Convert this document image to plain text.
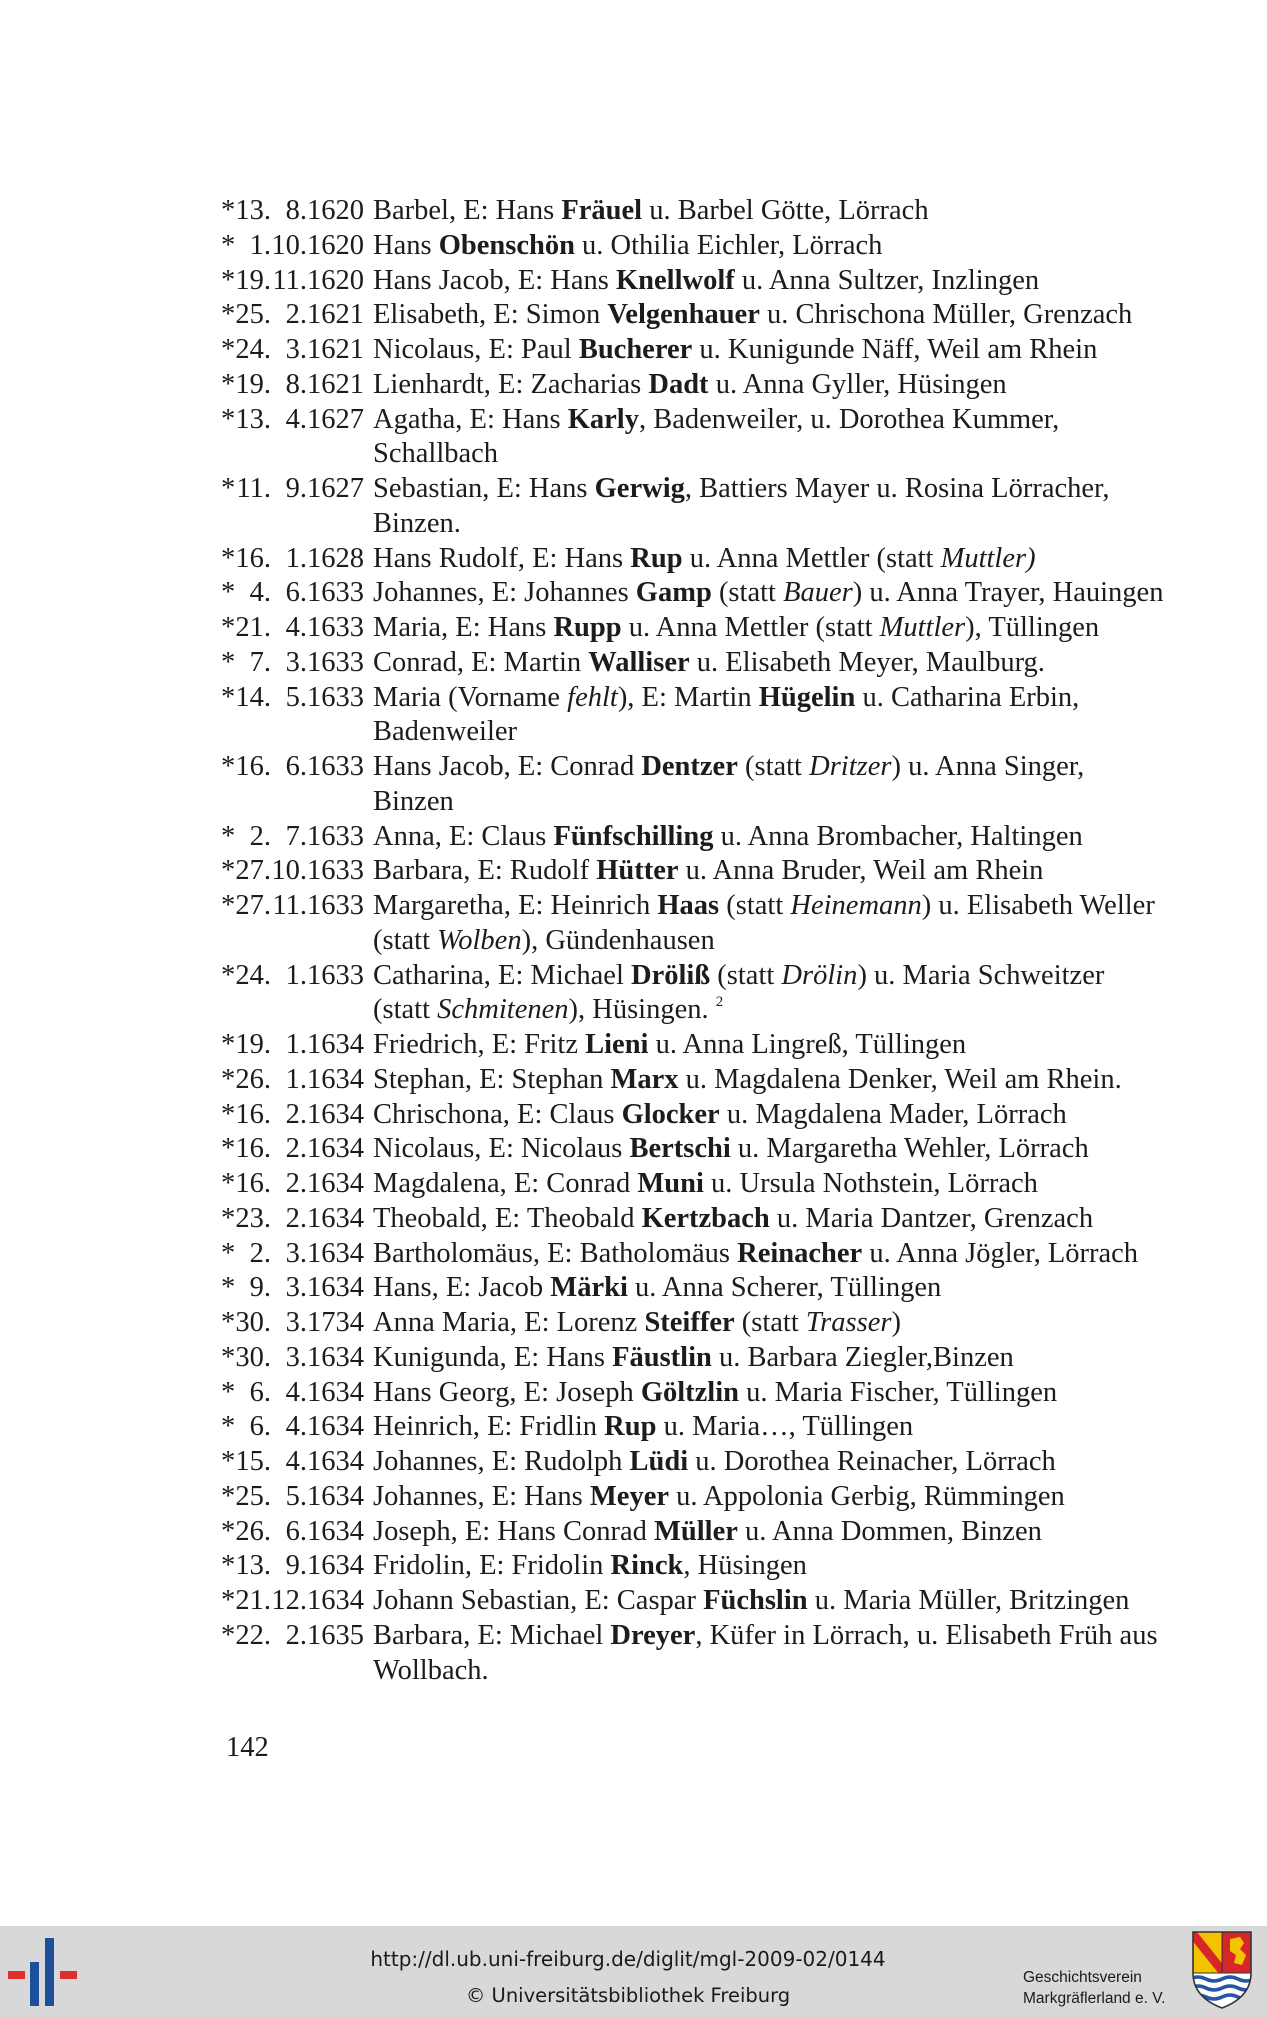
*13. 8.1620 Barbel, E: Hans Fräuel u. Barbel Götte, Lörrach
* 1.10.1620 Hans Obenschön u. Othilia Eichler, Lörrach
*19.11.1620 Hans Jacob, E: Hans Knellwolf u. Anna Sultzer, Inzlingen
*25. 2.1621 Elisabeth, E: Simon Velgenhauer u. Chrischona Müller, Grenzach
*24. 3.1621 Nicolaus, E: Paul Bucherer u. Kunigunde Näff, Weil am Rhein
*19. 8.1621 Lienhardt, E: Zacharias Dadt u. Anna Gyller, Hüsingen
*13. 4.1627 Agatha, E: Hans Karly, Badenweiler, u. Dorothea Kummer,
Schallbach
*11. 9.1627 Sebastian, E: Hans Gerwig, Battiers Mayer u. Rosina Lörracher,
Binzen.
*16. 1.1628 Hans Rudolf, E: Hans Rup u. Anna Mettler (statt Muttler)
* 4. 6.1633 Johannes, E: Johannes Gamp (statt Bauer) u. Anna Trayer, Hauingen
*21. 4.1633 Maria, E: Hans Rupp u. Anna Mettler (statt Muttler), Tüllingen
* 7. 3.1633 Conrad, E: Martin Walliser u. Elisabeth Meyer, Maulburg.
*14. 5.1633 Maria (Vorname fehlt), E: Martin Hügelin u. Catharina Erbin,
Badenweiler
*16. 6.1633 Hans Jacob, E: Conrad Dentzer (statt Dritzer) u. Anna Singer,
Binzen
* 2. 7.1633 Anna, E: Claus Fünfschilling u. Anna Brombacher, Haltingen
*27.10.1633 Barbara, E: Rudolf Hütter u. Anna Bruder, Weil am Rhein
*27.11.1633 Margaretha, E: Heinrich Haas (statt Heinemann) u. Elisabeth Weller
(statt Wolben), Gündenhausen
*24. 1.1633 Catharina, E: Michael Dröliß (statt Drölin) u. Maria Schweitzer
(statt Schmitenen), Hüsingen. $^2$
*19. 1.1634 Friedrich, E: Fritz Lieni u. Anna Lingreß, Tüllingen
*26. 1.1634 Stephan, E: Stephan Marx u. Magdalena Denker, Weil am Rhein.
*16. 2.1634 Chrischona, E: Claus Glocker u. Magdalena Mader, Lörrach
*16. 2.1634 Nicolaus, E: Nicolaus Bertschi u. Margaretha Wehler, Lörrach
*16. 2.1634 Magdalena, E: Conrad Muni u. Ursula Nothstein, Lörrach
*23. 2.1634 Theobald, E: Theobald Kertzbach u. Maria Dantzer, Grenzach
* 2. 3.1634 Bartholomäus, E: Batholomäus Reinacher u. Anna Jögler, Lörrach
* 9. 3.1634 Hans, E: Jacob Märki u. Anna Scherer, Tüllingen
*30. 3.1734 Anna Maria, E: Lorenz Steiffer (statt Trasser)
*30. 3.1634 Kunigunda, E: Hans Fäustlin u. Barbara Ziegler,Binzen
* 6. 4.1634 Hans Georg, E: Joseph Göltzlin u. Maria Fischer, Tüllingen
* 6. 4.1634 Heinrich, E: Fridlin Rup u. Maria…, Tüllingen
*15. 4.1634 Johannes, E: Rudolph Lüdi u. Dorothea Reinacher, Lörrach
*25. 5.1634 Johannes, E: Hans Meyer u. Appolonia Gerbig, Rümmingen
*26. 6.1634 Joseph, E: Hans Conrad Müller u. Anna Dommen, Binzen
*13. 9.1634 Fridolin, E: Fridolin Rinck, Hüsingen
*21.12.1634 Johann Sebastian, E: Caspar Füchslin u. Maria Müller, Britzingen
*22. 2.1635 Barbara, E: Michael Dreyer, Küfer in Lörrach, u. Elisabeth Früh aus
Wollbach.
142
http://dl.ub.uni-freiburg.de/diglit/mgl-2009-02/0144
© Universitätsbibliothek Freiburg
Geschichtsverein
Markgräflerland e. V.
